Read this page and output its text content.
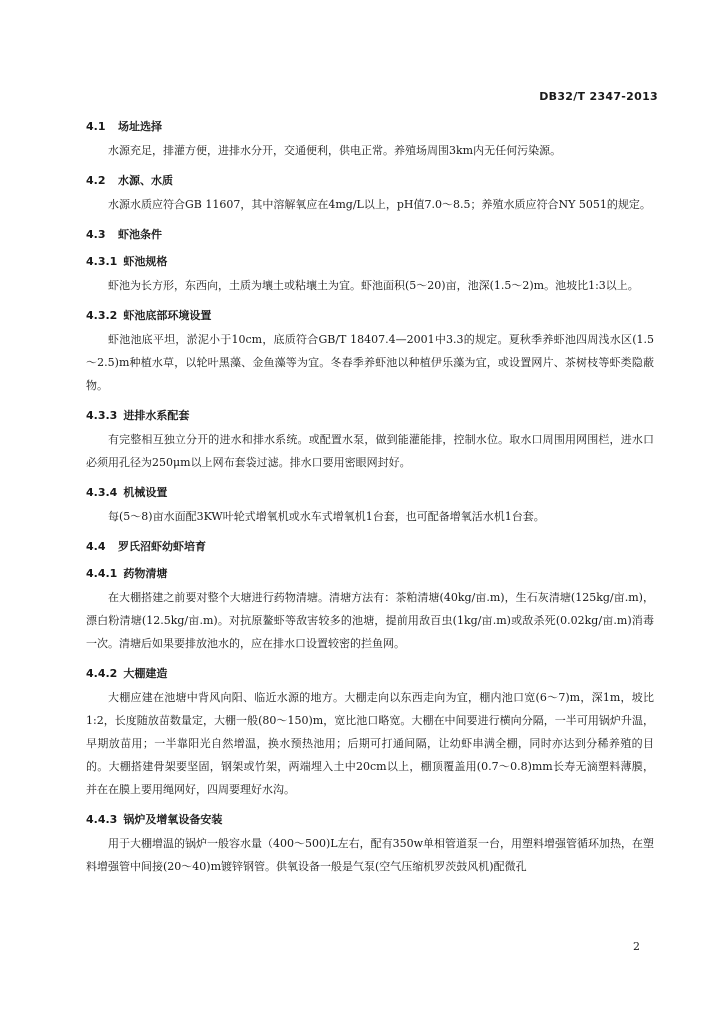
DB32/T 2347-2013
4.1 场址选择

水源充足，排灌方便，进排水分开，交通便利，供电正常。养殖场周围3km内无任何污染源。

4.2 水源、水质

水源水质应符合GB 11607，其中溶解氧应在4mg/L以上，pH值7.0～8.5；养殖水质应符合NY 5051的规定。

4.3 虾池条件
4.3.1 虾池规格

虾池为长方形，东西向，土质为壤土或粘壤土为宜。虾池面积(5～20)亩，池深(1.5～2)m。池坡比1:3以上。

4.3.2 虾池底部环境设置

虾池池底平坦，淤泥小于10cm，底质符合GB/T 18407.4—2001中3.3的规定。夏秋季养虾池四周浅水区(1.5～2.5)m种植水草，以轮叶黑藻、金鱼藻等为宜。冬春季养虾池以种植伊乐藻为宜，或设置网片、茶树枝等虾类隐蔽物。

4.3.3 进排水系配套

有完整相互独立分开的进水和排水系统。或配置水泵，做到能灌能排，控制水位。取水口周围用网围栏，进水口必须用孔径为250μm以上网布套袋过滤。排水口要用密眼网封好。

4.3.4 机械设置

每(5～8)亩水面配3KW叶轮式增氧机或水车式增氧机1台套，也可配备增氧活水机1台套。

4.4 罗氏沼虾幼虾培育
4.4.1 药物清塘

在大棚搭建之前要对整个大塘进行药物清塘。清塘方法有：茶粕清塘(40kg/亩.m)，生石灰清塘(125kg/亩.m)，漂白粉清塘(12.5kg/亩.m)。对抗原鳌虾等敌害较多的池塘，提前用敌百虫(1kg/亩.m)或敌杀死(0.02kg/亩.m)消毒一次。清塘后如果要排放池水的，应在排水口设置较密的拦鱼网。

4.4.2 大棚建造

大棚应建在池塘中背风向阳、临近水源的地方。大棚走向以东西走向为宜，棚内池口宽(6～7)m，深1m，坡比1:2，长度随放苗数量定，大棚一般(80～150)m，宽比池口略宽。大棚在中间要进行横向分隔，一半可用锅炉升温，早期放苗用；一半靠阳光自然增温，换水预热池用；后期可打通间隔，让幼虾串满全棚，同时亦达到分稀养殖的目的。大棚搭建骨架要坚固，钢架或竹架，两端埋入土中20cm以上，棚顶覆盖用(0.7～0.8)mm长寿无滴塑料薄膜，并在在膜上要用绳网好，四周要理好水沟。

4.4.3 锅炉及增氧设备安装

用于大棚增温的锅炉一般容水量（400～500)L左右，配有350w单相管道泵一台，用塑料增强管循环加热，在塑料增强管中间接(20～40)m镀锌钢管。供氧设备一般是气泵(空气压缩机罗茨鼓风机)配微孔

2
